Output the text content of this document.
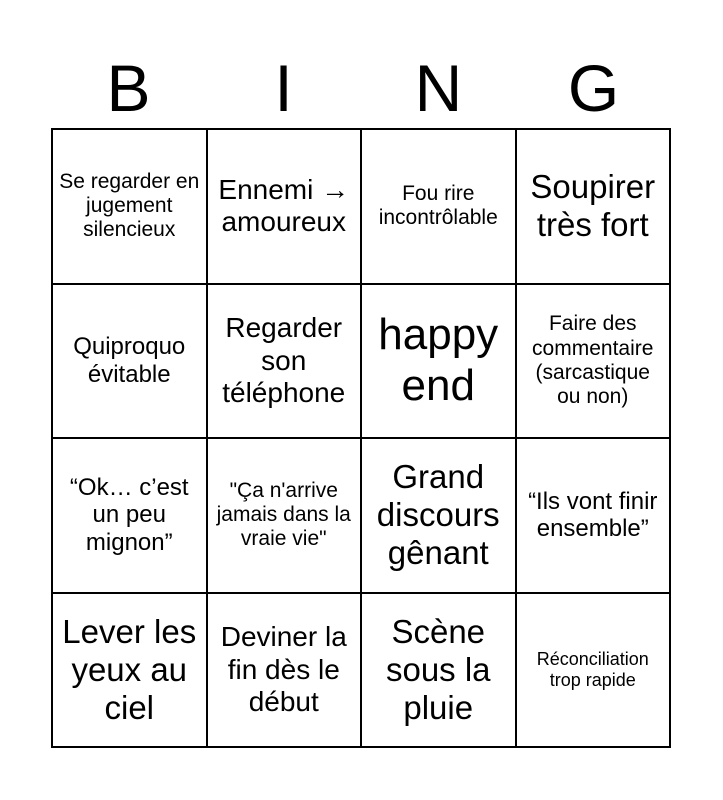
B	I	N	G
Se regarder en jugement silencieux
Ennemi → amoureux
Fou rire incontrôlable
Soupirer très fort
Quiproquo évitable
Regarder son téléphone
happy end
Faire des commentaire (sarcastique ou non)
“Ok… c’est un peu mignon”
"Ça n'arrive jamais dans la vraie vie"
Grand discours gênant
“Ils vont finir ensemble”
Lever les yeux au ciel
Deviner la fin dès le début
Scène sous la pluie
Réconciliation trop rapide
